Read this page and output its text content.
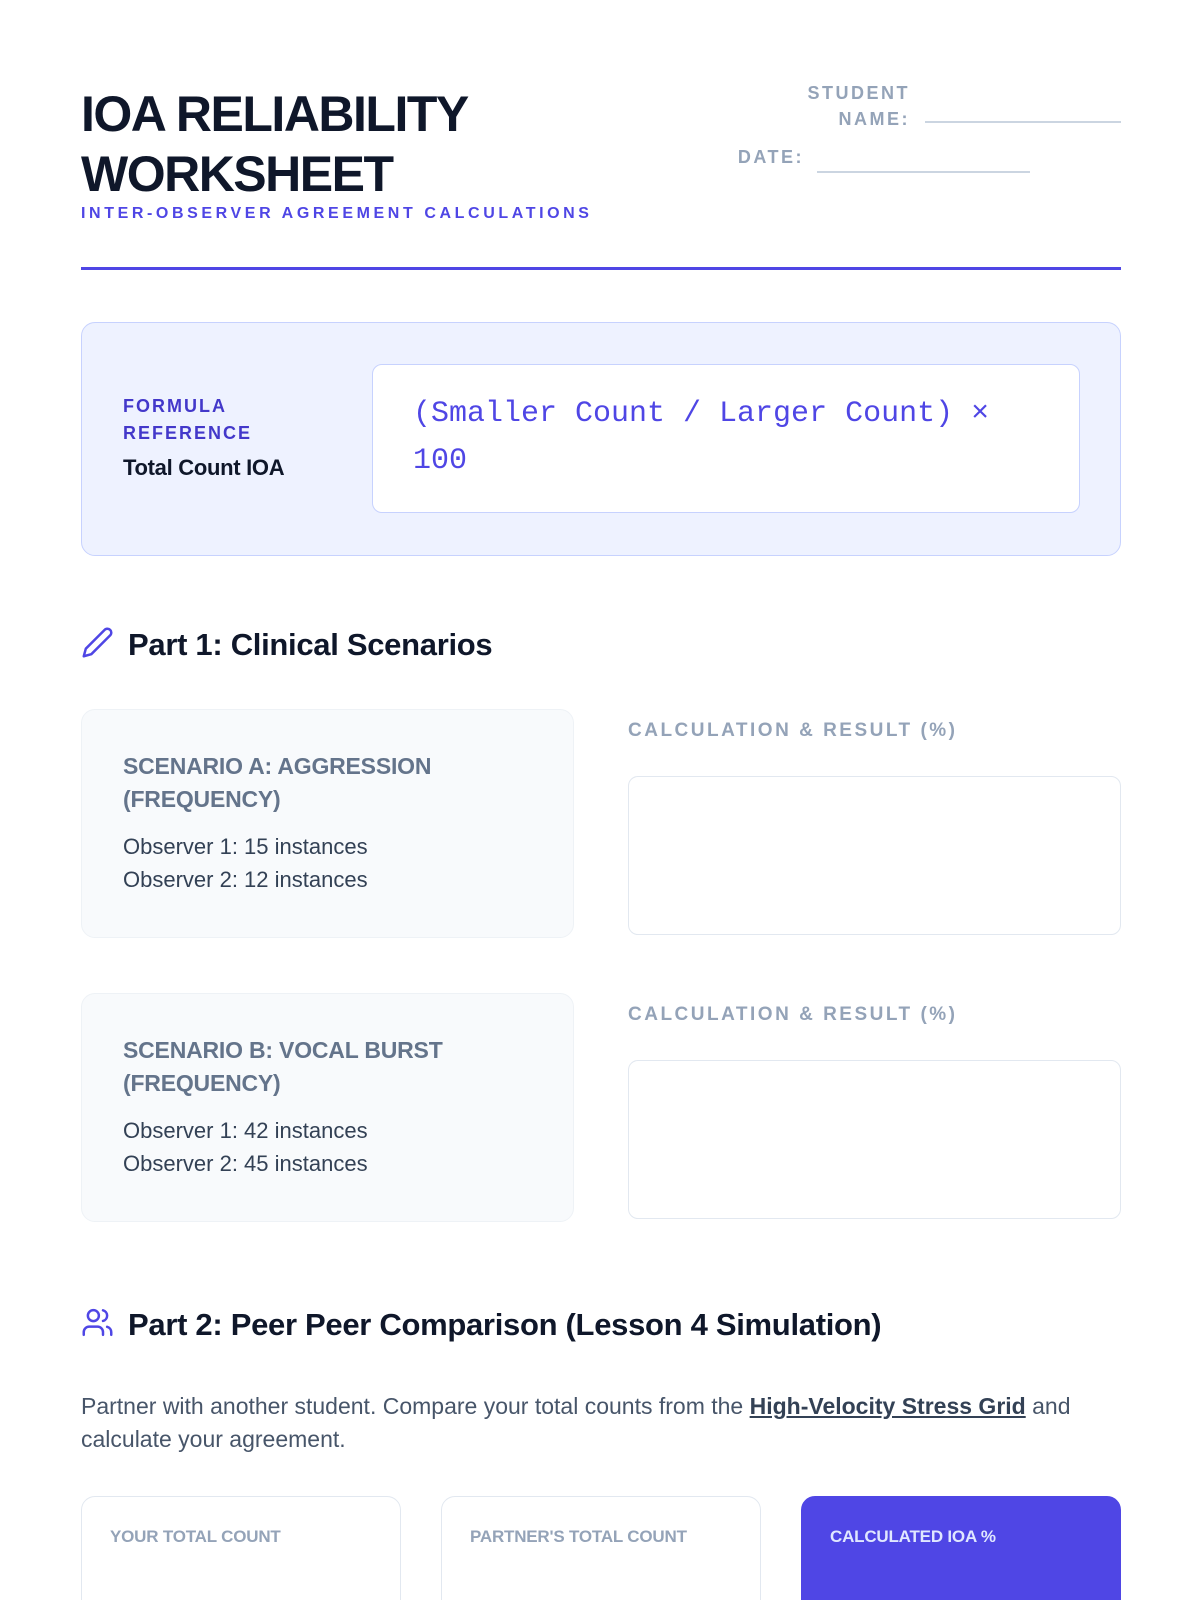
IOA RELIABILITY WORKSHEET
INTER-OBSERVER AGREEMENT CALCULATIONS
STUDENT NAME:
DATE:
FORMULA REFERENCE
Total Count IOA
(Smaller Count / Larger Count) × 100
Part 1: Clinical Scenarios
SCENARIO A: AGGRESSION (FREQUENCY)
Observer 1: 15 instances
Observer 2: 12 instances
CALCULATION & RESULT (%)
SCENARIO B: VOCAL BURST (FREQUENCY)
Observer 1: 42 instances
Observer 2: 45 instances
CALCULATION & RESULT (%)
Part 2: Peer Peer Comparison (Lesson 4 Simulation)

Partner with another student. Compare your total counts from the High-Velocity Stress Grid and calculate your agreement.

YOUR TOTAL COUNT	PARTNER'S TOTAL COUNT	CALCULATED IOA %
